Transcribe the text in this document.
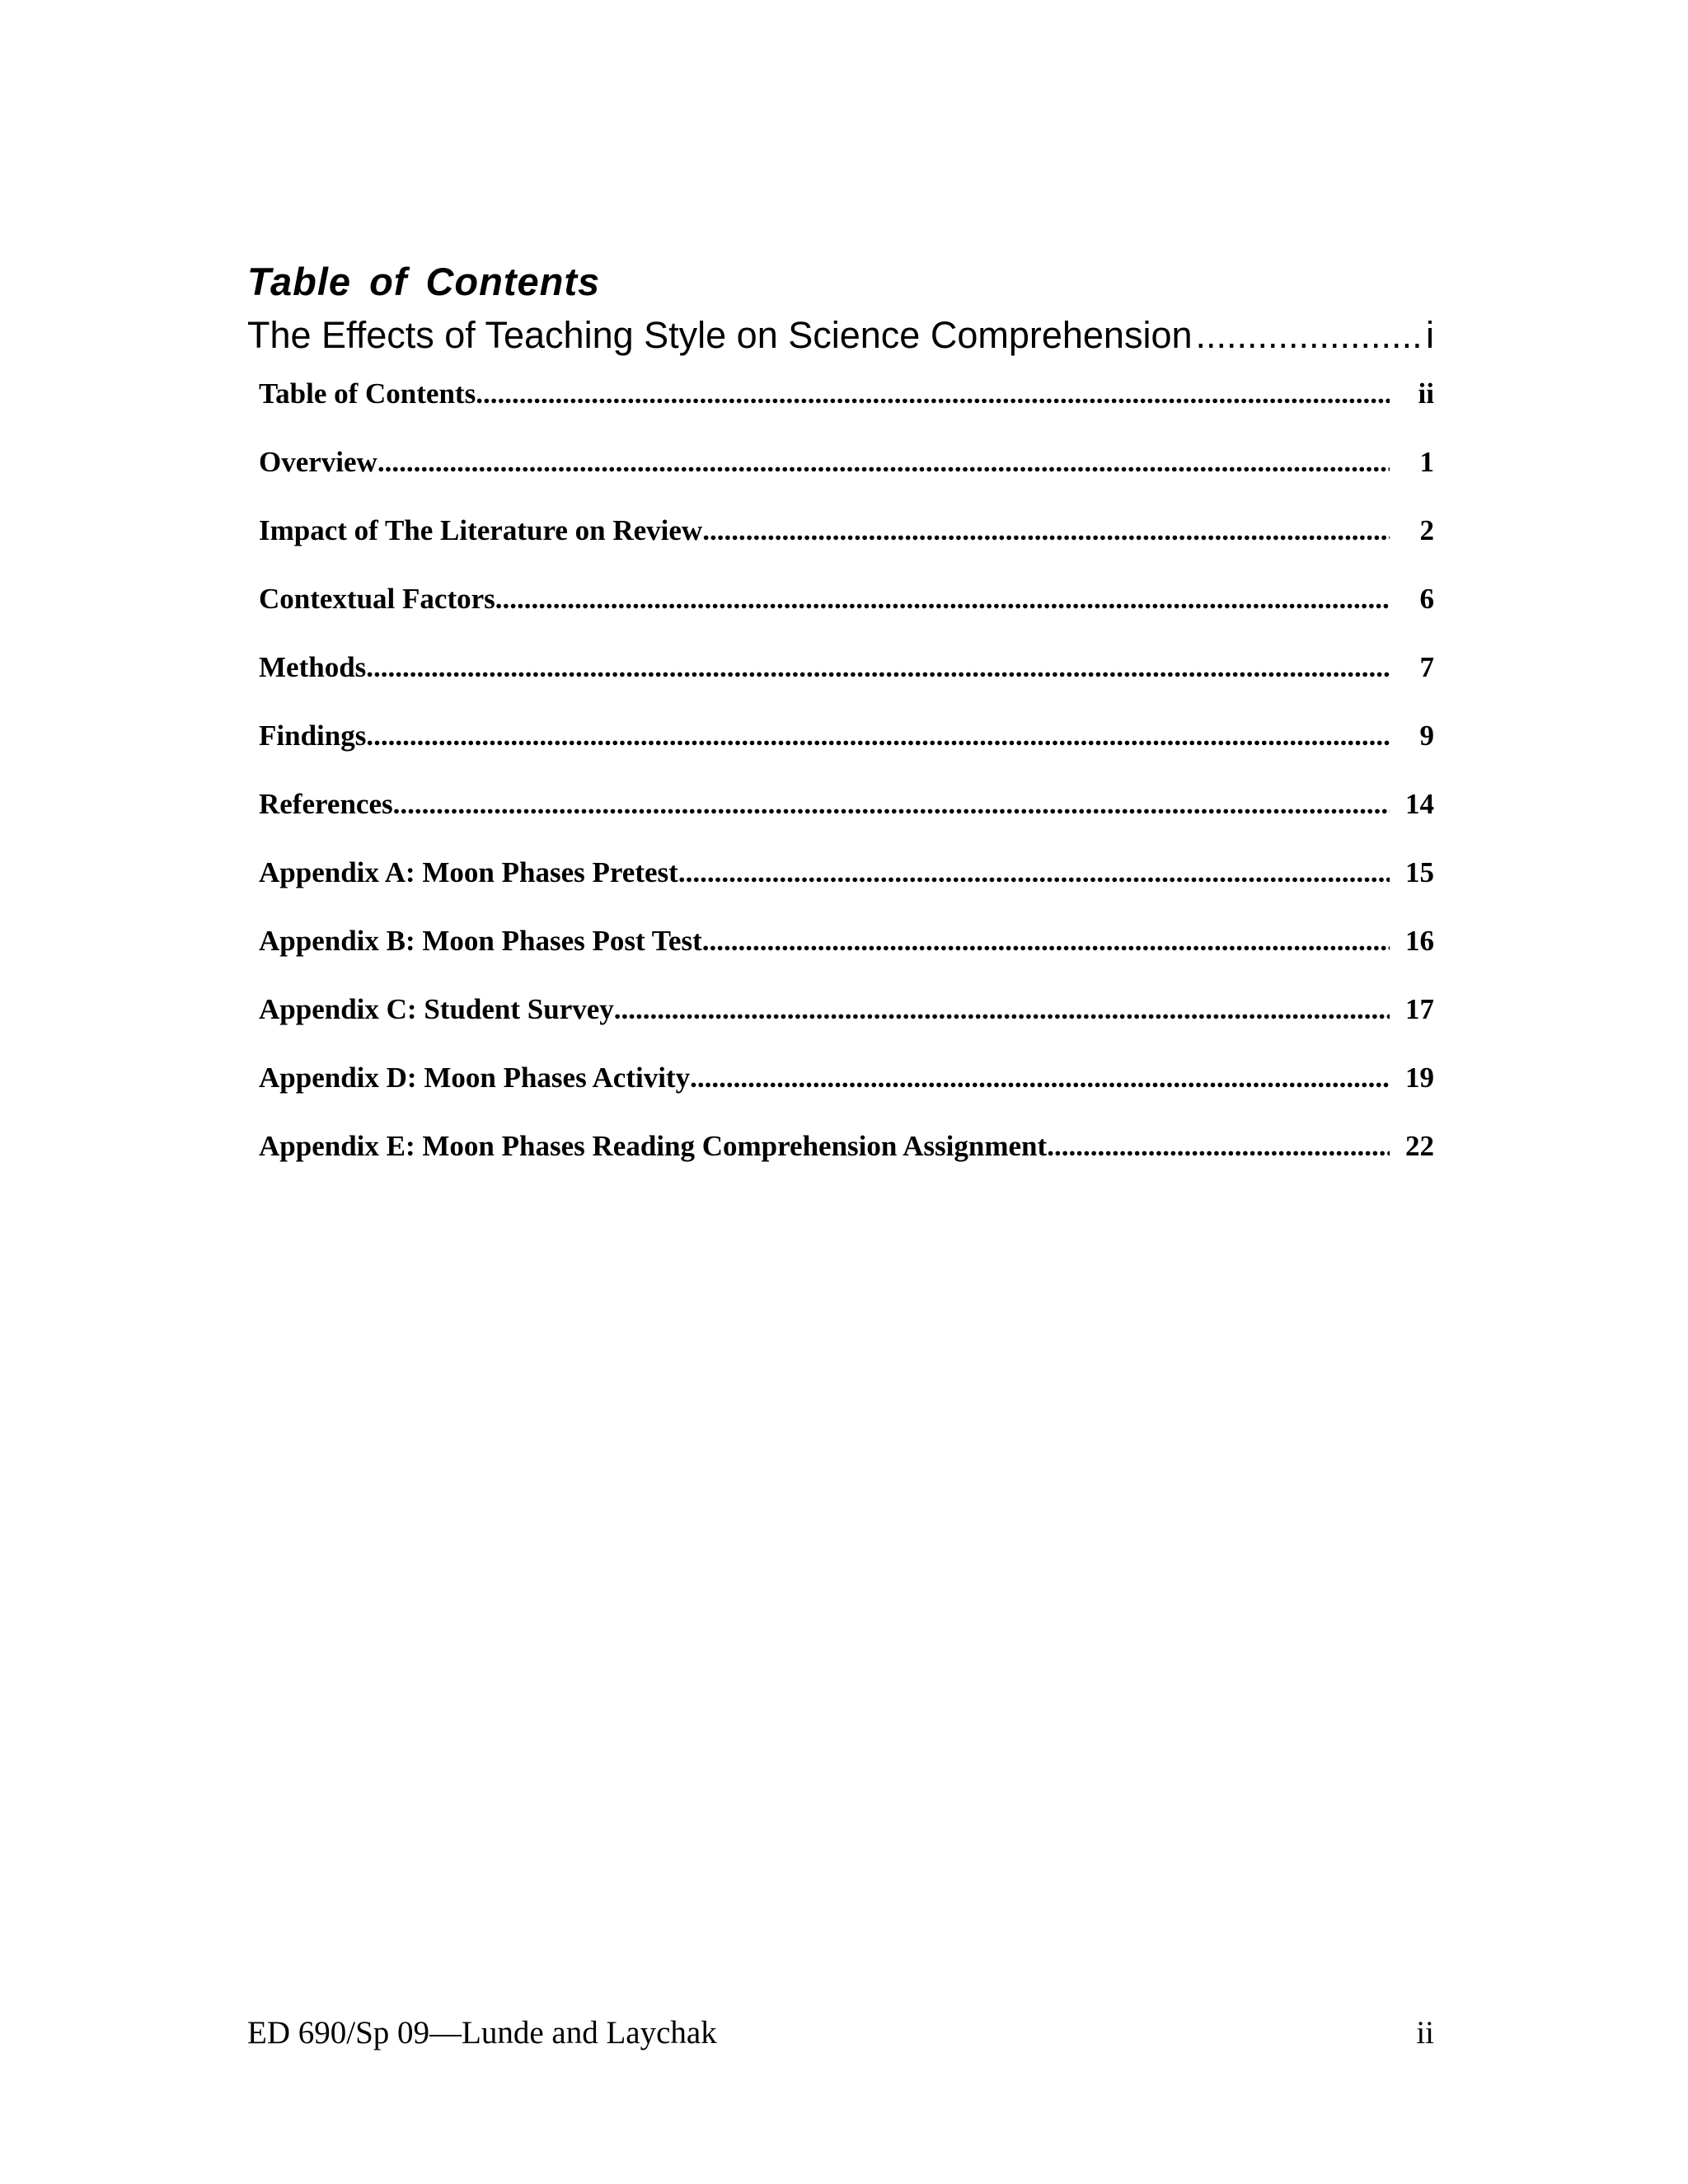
Table of Contents
The Effects of Teaching Style on Science Comprehension .....	i
Table of Contents .....	ii
Overview .....	1
Impact of The Literature on Review .....	2
Contextual Factors .....	6
Methods .....	7
Findings .....	9
References .....	14
Appendix A: Moon Phases Pretest .....	15
Appendix B: Moon Phases Post Test .....	16
Appendix C: Student Survey .....	17
Appendix D: Moon Phases Activity .....	19
Appendix E: Moon Phases Reading Comprehension Assignment .....	22
ED 690/Sp 09—Lunde and Laychak	ii
